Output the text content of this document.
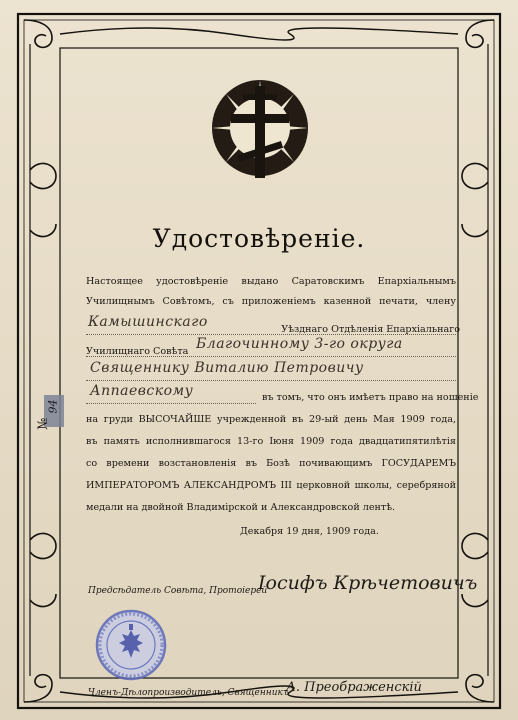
Удостовѣреніе.
Настоящее удостовѣреніе выдано Саратовскимъ Епархіальнымъ
Училищнымъ Совѣтомъ, съ приложеніемъ казенной печати, члену
Камышинскаго	Уѣзднаго Отдѣленія Епархіальнаго
Училищнаго Совѣта Благочинному 3-го округа
Священнику Виталию Петровичу
Аппаевскому	въ томъ, что онъ имѣетъ право на ношеніе
на груди ВЫСОЧАЙШЕ учрежденной въ 29-ый день Мая 1909 года,
въ память исполнившагося 13-го Іюня 1909 года двадцатипятилѣтія
со времени возстановленія въ Бозѣ почивающимъ ГОСУДАРЕМЪ
ИМПЕРАТОРОМЪ АЛЕКСАНДРОМЪ III церковной школы, серебряной
медали на двойной Владимірской и Александровской лентѣ.
Декабря 19 дня, 1909 года.
№
94
Предсѣдатель Совѣта, Протоіерей
Іосифъ Крѣчетовичъ
Членъ-Дѣлопроизводитель, Священникъ
А. Преображенскій
